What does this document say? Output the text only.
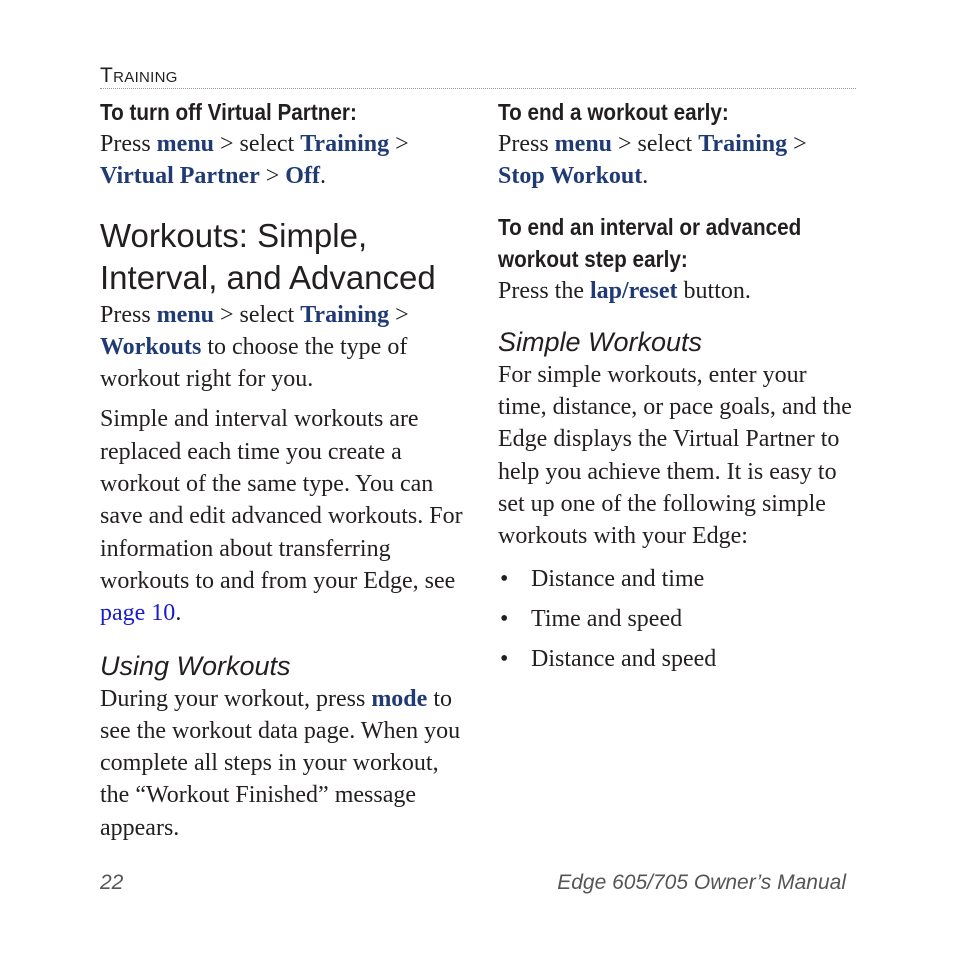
TRAINING
To turn off Virtual Partner:

Press menu > select Training > Virtual Partner > Off.

Workouts: Simple,
Interval, and Advanced

Press menu > select Training > Workouts to choose the type of workout right for you.

Simple and interval workouts are replaced each time you create a workout of the same type. You can save and edit advanced workouts. For information about transferring workouts to and from your Edge, see page 10.

Using Workouts

During your workout, press mode to see the workout data page. When you complete all steps in your workout, the “Workout Finished” message appears.

To end a workout early:

Press menu > select Training > Stop Workout.

To end an interval or advanced
workout step early:

Press the lap/reset button.

Simple Workouts

For simple workouts, enter your time, distance, or pace goals, and the Edge displays the Virtual Partner to help you achieve them. It is easy to set up one of the following simple workouts with your Edge:

• Distance and time
• Time and speed
• Distance and speed
22	Edge 605/705 Owner’s Manual
